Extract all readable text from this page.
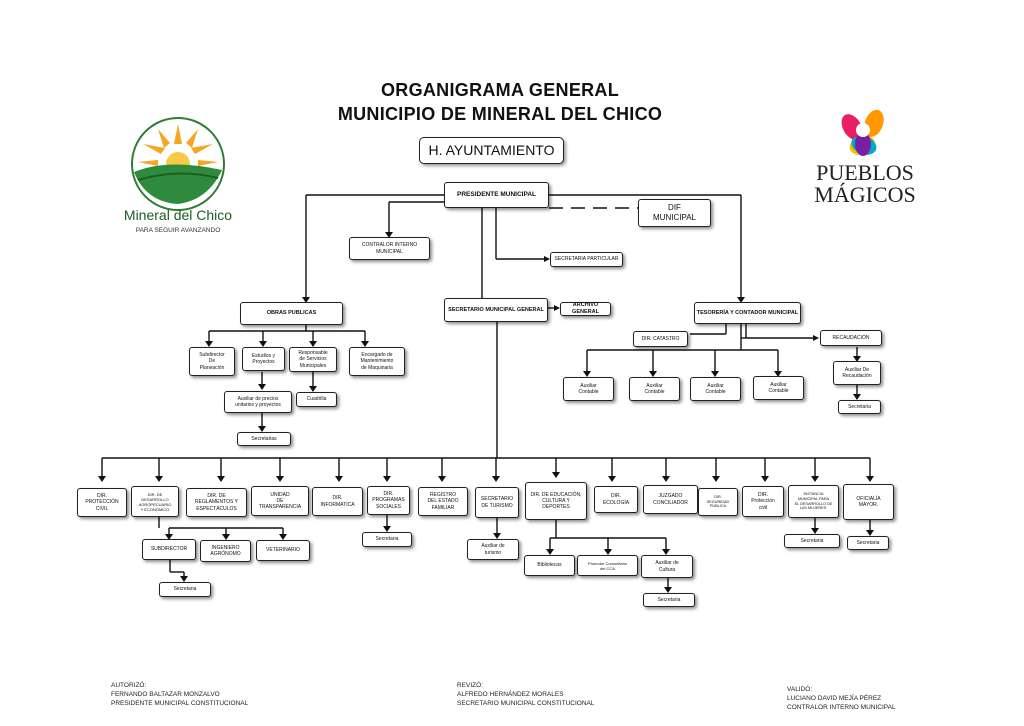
ORGANIGRAMA GENERAL
MUNICIPIO DE MINERAL DEL CHICO
Mineral del Chico
PARA SEGUIR AVANZANDO
PUEBLOS
MÁGICOS
H. AYUNTAMIENTO
PRESIDENTE MUNICIPAL
DIF
MUNICIPAL
CONTRALOR INTERNO
MUNICIPAL
SECRETARIA PARTICULAR
OBRAS PUBLICAS
SECRETARIO MUNICIPAL GENERAL
ARCHIVO
GENERAL	TESORERÍA Y CONTADOR MUNICIPAL
Subdirector
De
Planeación
Estudios y
Proyectos
Responsable
de Servicios
Municipales
Encargado de
Mantenimiento
de Maquinaria
Auxiliar de precios
unitarios y proyectos
Cuadrilla
Secretarias
DIR. CATASTRO	RECAUDACIÓN
Auxiliar
Contable
Auxiliar
Contable
Auxiliar
Contable
Auxiliar
Contable
Auxiliar De
Recaudación
Secretaria
DIR.
PROTECCIÓN
CIVIL
DIR. DE
DESARROLLO
AGROPECUARIO
Y ECONÓMICO
DIR. DE
REGLAMENTOS Y
ESPECTÁCULOS
UNIDAD
DE
TRANSPARENCIA
DIR.
INFORMATICA
DIR.
PROGRAMAS
SOCIALES
REGISTRO
DEL ESTADO
FAMILIAR
SECRETARIO
DE TURISMO
DIR. DE EDUCACIÓN,
CULTURA Y
DEPORTES
DIR.
ECOLOGÍA
JUZGADO
CONCILIADOR
DIR.
SEGURIDAD
PÚBLICA
DIR.
Protección
civil
INSTANCIA
MUNICIPAL PARA
EL DESARROLLO DE
LAS MUJERES.
OFICIALÍA
MAYOR.
SUBDIRECTOR	INGENIERO
AGRÓNOMO
VETERINARIO
Secretaria
Secretaria
Auxiliar de
turismo
Bibliotecas	Promotor Comunitario
del CCA
Auxiliar de
Cultura
Secretaria
Secretaria	Secretaria
AUTORIZÓ:
FERNANDO BALTAZAR MONZALVO
PRESIDENTE MUNICIPAL CONSTITUCIONAL
REVIZÓ:
ALFREDO HERNÁNDEZ MORALES
SECRETARIO MUNICIPAL CONSTITUCIONAL
VALIDÓ:
LUCIANO DAVID MEJÍA PÉREZ
CONTRALOR INTERNO MUNICIPAL
